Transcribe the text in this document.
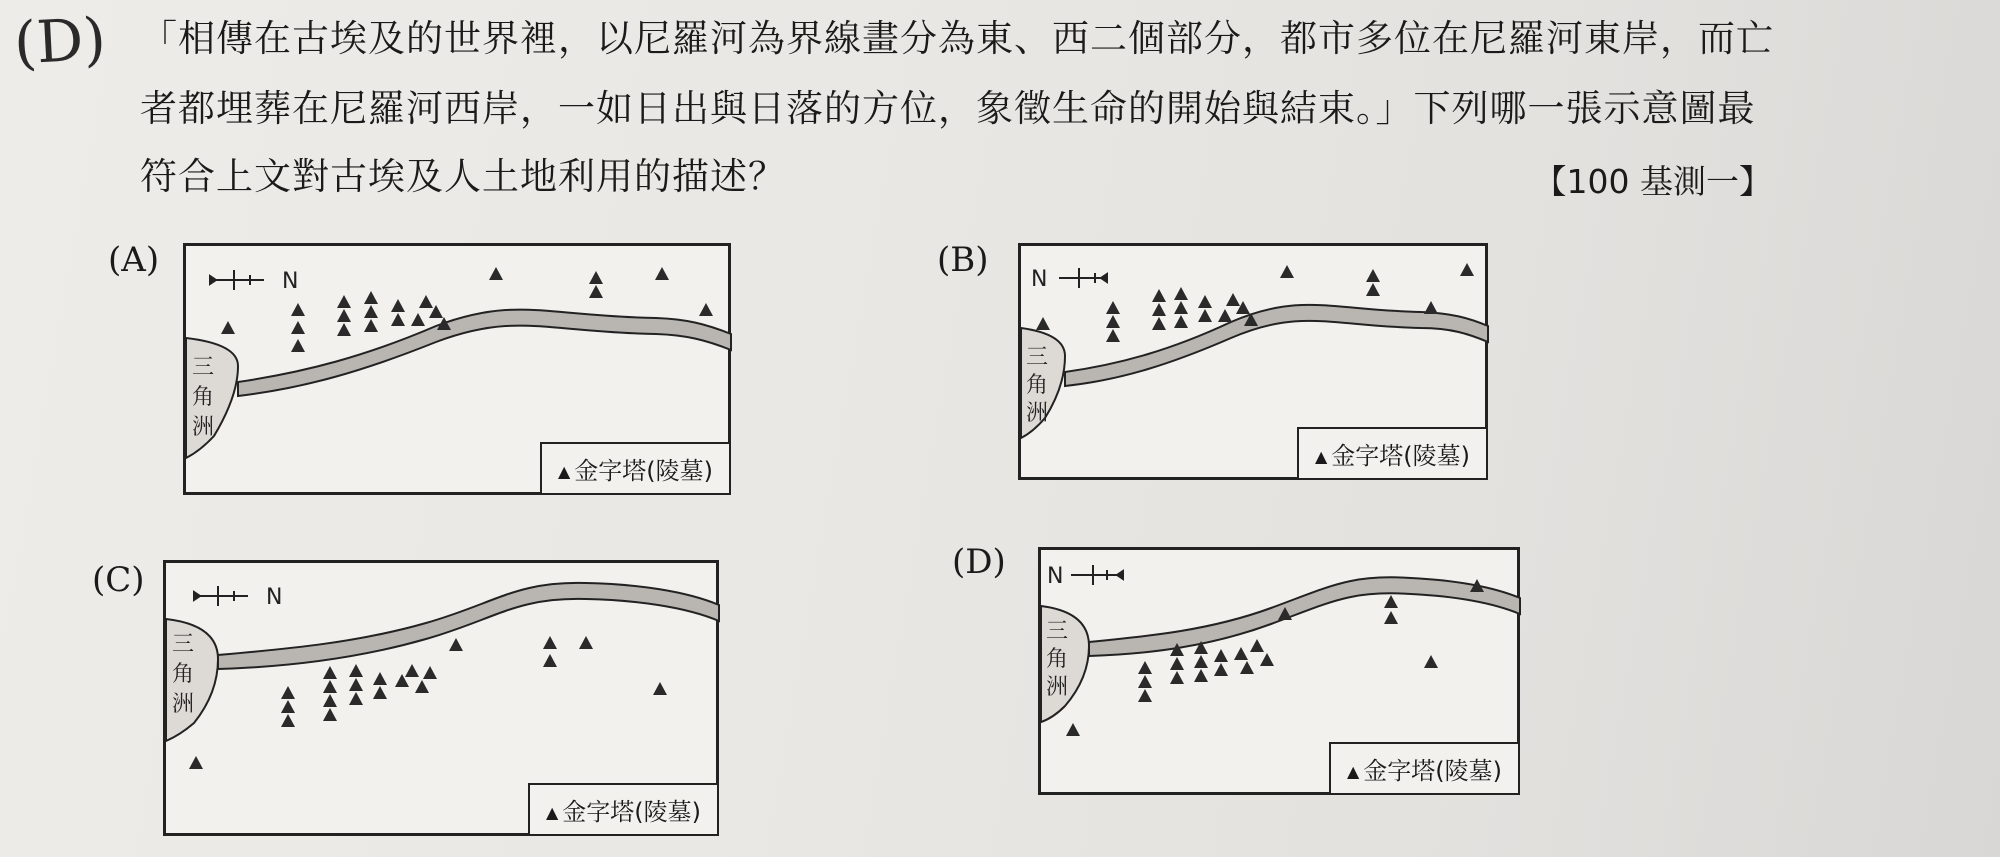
(D) 「相傳在古埃及的世界裡，以尼羅河為界線畫分為東、西二個部分，都市多位在尼羅河東岸，而亡
者都埋葬在尼羅河西岸，一如日出與日落的方位，象徵生命的開始與結束。」下列哪一張示意圖最
符合上文對古埃及人土地利用的描述？	【100 基測一】
(A)
N
三
角
洲
▲ 金字塔(陵墓)
(B) N
三
角
洲
▲ 金字塔(陵墓)
(C)	N
三
角
洲
▲ 金字塔(陵墓)
(D) N
三
角
洲
▲ 金字塔(陵墓)
